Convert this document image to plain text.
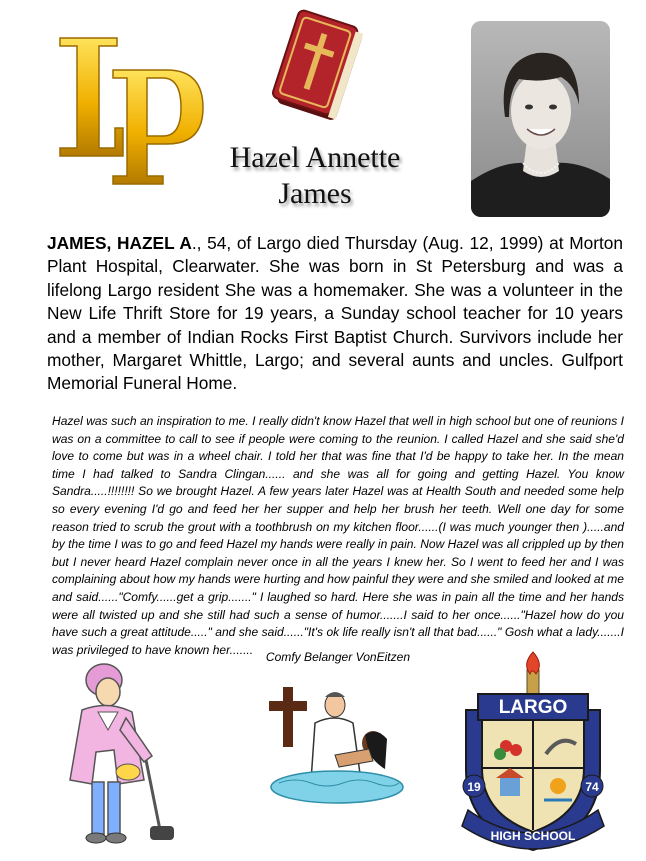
Hazel Annette
James
JAMES, HAZEL A., 54, of Largo died Thursday (Aug. 12, 1999) at Morton Plant Hospital, Clearwater. She was born in St Petersburg and was a lifelong Largo resident She was a homemaker. She was a volunteer in the New Life Thrift Store for 19 years, a Sunday school teacher for 10 years and a member of Indian Rocks First Baptist Church. Survivors include her mother, Margaret Whittle, Largo; and several aunts and uncles. Gulfport Memorial Funeral Home.
Hazel was such an inspiration to me. I really didn't know Hazel that well in high school but one of reunions I was on a committee to call to see if people were coming to the reunion. I called Hazel and she said she'd love to come but was in a wheel chair. I told her that was fine that I'd be happy to take her. In the mean time I had talked to Sandra Clingan...... and she was all for going and getting Hazel. You know Sandra.....!!!!!!!! So we brought Hazel. A few years later Hazel was at Health South and needed some help so every evening I'd go and feed her her supper and help her brush her teeth. Well one day for some reason tried to scrub the grout with a toothbrush on my kitchen floor......(I was much younger then ).....and by the time I was to go and feed Hazel my hands were really in pain. Now Hazel was all crippled up by then but I never heard Hazel complain never once in all the years I knew her. So I went to feed her and I was complaining about how my hands were hurting and how painful they were and she smiled and looked at me and said......"Comfy......get a grip......." I laughed so hard. Here she was in pain all the time and her hands were all twisted up and she still had such a sense of humor.......I said to her once......"Hazel how do you have such a great attitude....." and she said......"It's ok life really isn't all that bad......" Gosh what a lady.......I was privileged to have known her.......
Comfy Belanger VonEitzen
LARGO
19	74
HIGH SCHOOL
